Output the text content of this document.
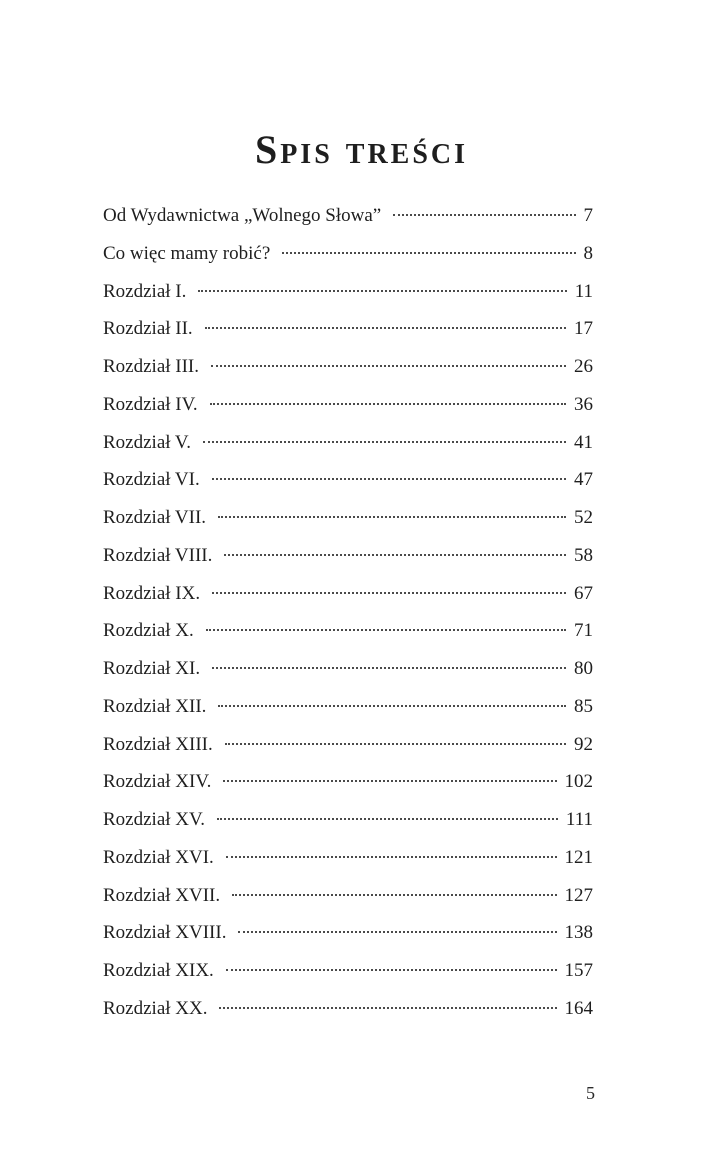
Spis treści
Od Wydawnictwa „Wolnego Słowa”	7
Co więc mamy robić?	8
Rozdział I.	11
Rozdział II.	17
Rozdział III.	26
Rozdział IV.	36
Rozdział V.	41
Rozdział VI.	47
Rozdział VII.	52
Rozdział VIII.	58
Rozdział IX.	67
Rozdział X.	71
Rozdział XI.	80
Rozdział XII.	85
Rozdział XIII.	92
Rozdział XIV.	102
Rozdział XV.	111
Rozdział XVI.	121
Rozdział XVII.	127
Rozdział XVIII.	138
Rozdział XIX.	157
Rozdział XX.	164
5
